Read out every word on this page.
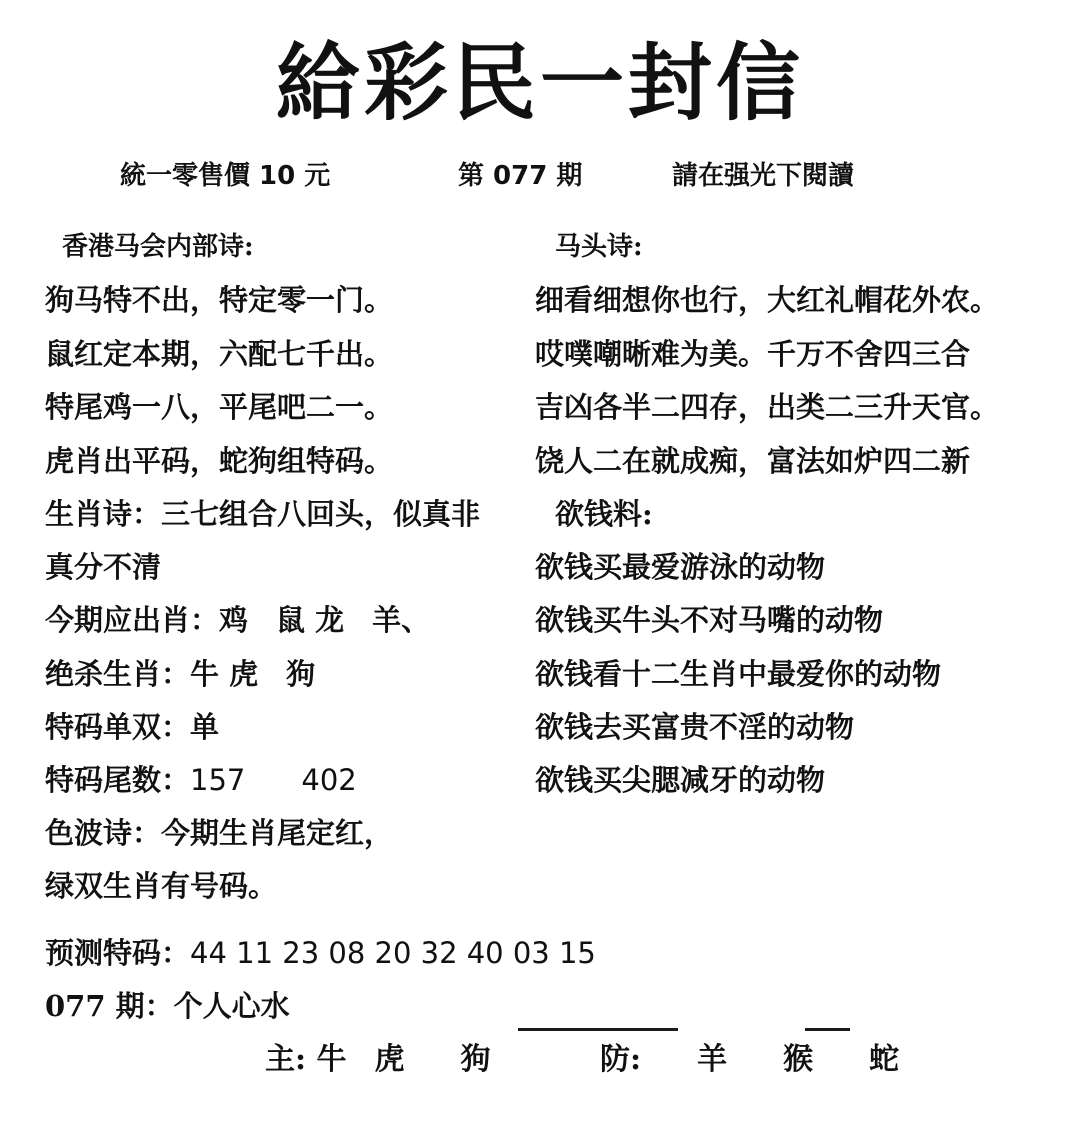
給彩民一封信
統一零售價 10 元	第 077 期	請在强光下閱讀
香港马会内部诗:
狗马特不出，特定零一门。
鼠红定本期，六配七千出。
特尾鸡一八，平尾吧二一。
虎肖出平码，蛇狗组特码。
生肖诗：三七组合八回头，似真非
真分不清
今期应出肖：鸡 鼠 龙 羊、
绝杀生肖：牛 虎 狗
特码单双：单
特码尾数：157 402
色波诗：今期生肖尾定红，
绿双生肖有号码。
马头诗:
细看细想你也行，大红礼帽花外农。
哎噗嘲晰难为美。千万不舍四三合
吉凶各半二四存，出类二三升天官。
饶人二在就成痴，富法如炉四二新
欲钱料:
欲钱买最爱游泳的动物
欲钱买牛头不对马嘴的动物
欲钱看十二生肖中最爱你的动物
欲钱去买富贵不淫的动物
欲钱买尖腮减牙的动物
预测特码：44 11 23 08 20 32 40 03 15
077 期：个人心水
主: 牛 虎 狗	防: 羊 猴 蛇
